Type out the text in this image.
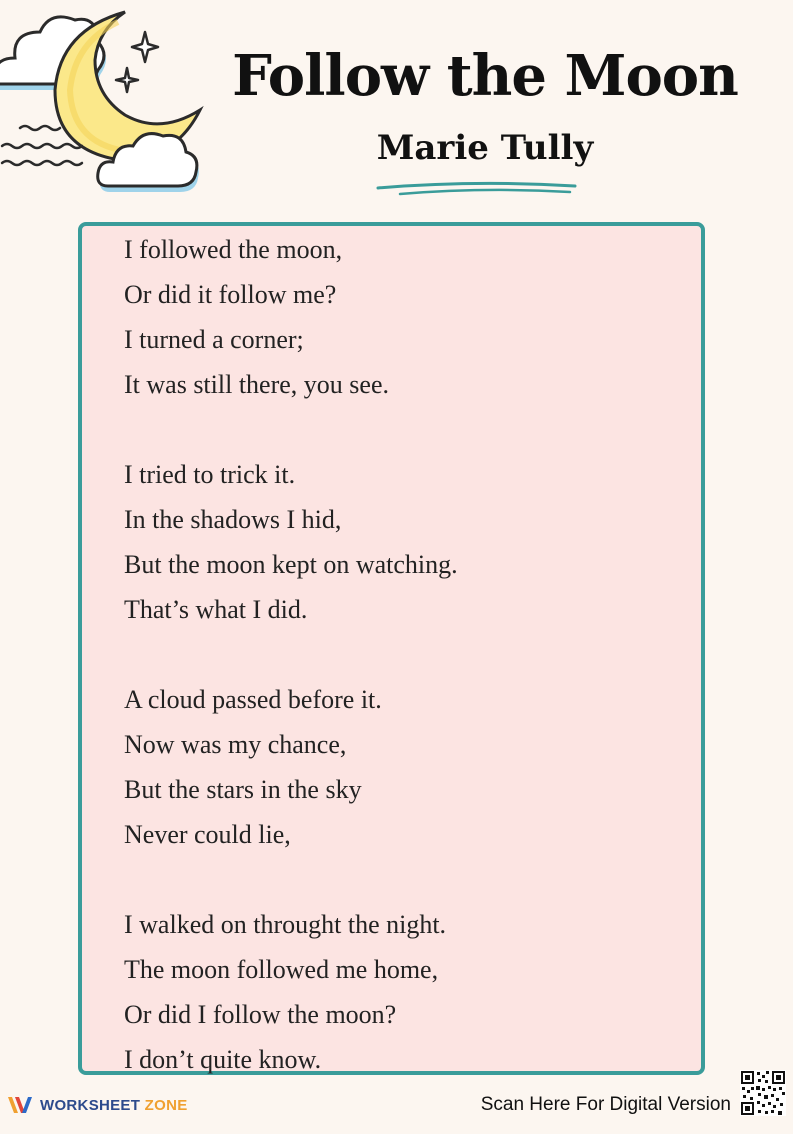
Follow the Moon
Marie Tully
I followed the moon,
Or did it follow me?
I turned a corner;
It was still there, you see.
I tried to trick it.
In the shadows I hid,
But the moon kept on watching.
That’s what I did.
A cloud passed before it.
Now was my chance,
But the stars in the sky
Never could lie,
I walked on throught the night.
The moon followed me home,
Or did I follow the moon?
I don’t quite know.
WORKSHEET ZONE	Scan Here For Digital Version
